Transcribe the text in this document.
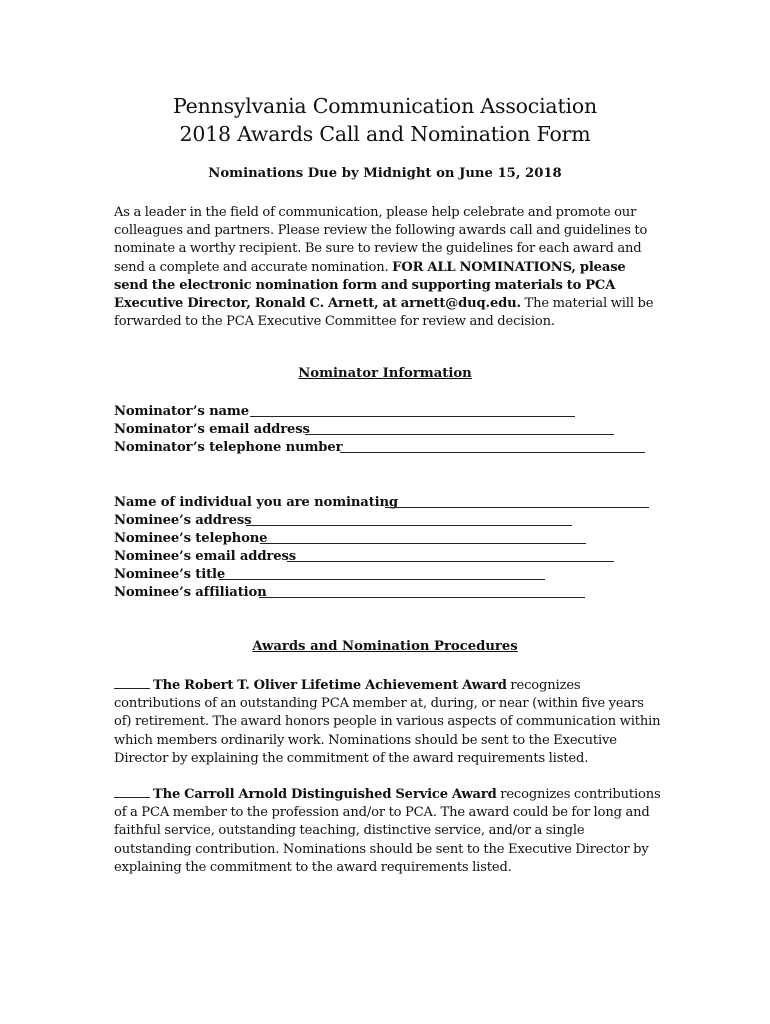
Pennsylvania Communication Association
2018 Awards Call and Nomination Form
Nominations Due by Midnight on June 15, 2018

As a leader in the field of communication, please help celebrate and promote our colleagues and partners. Please review the following awards call and guidelines to nominate a worthy recipient. Be sure to review the guidelines for each award and send a complete and accurate nomination. FOR ALL NOMINATIONS, please send the electronic nomination form and supporting materials to PCA Executive Director, Ronald C. Arnett, at arnett@duq.edu. The material will be forwarded to the PCA Executive Committee for review and decision.

Nominator Information
Nominator’s name
Nominator’s email address
Nominator’s telephone number
Name of individual you are nominating
Nominee’s address
Nominee’s telephone
Nominee’s email address
Nominee’s title
Nominee’s affiliation
Awards and Nomination Procedures

The Robert T. Oliver Lifetime Achievement Award recognizes contributions of an outstanding PCA member at, during, or near (within five years of) retirement. The award honors people in various aspects of communication within which members ordinarily work. Nominations should be sent to the Executive Director by explaining the commitment of the award requirements listed.

The Carroll Arnold Distinguished Service Award recognizes contributions of a PCA member to the profession and/or to PCA. The award could be for long and faithful service, outstanding teaching, distinctive service, and/or a single outstanding contribution. Nominations should be sent to the Executive Director by explaining the commitment to the award requirements listed.
